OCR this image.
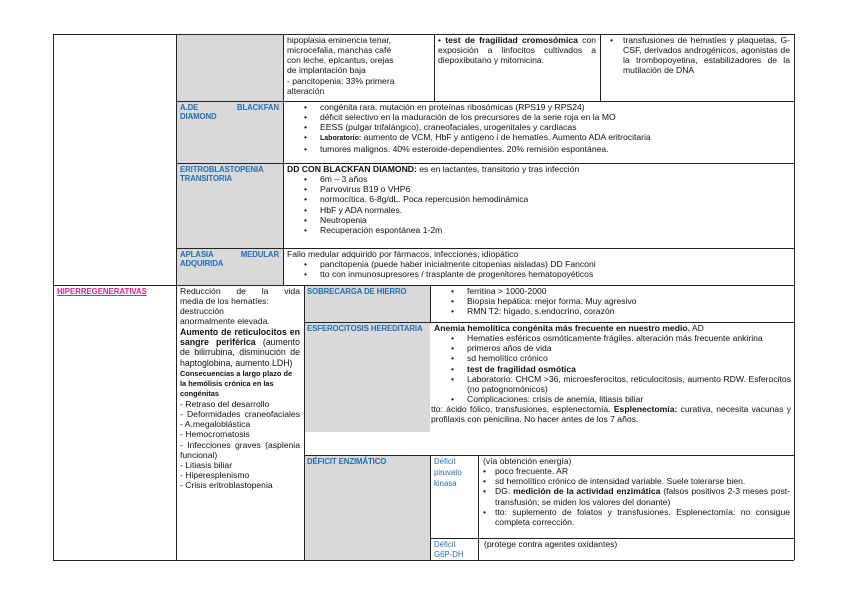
hipoplasia eminencia tenar,
microcefalia, manchas café
con leche, epicantus, orejas
de implantación baja
- pancitopenia: 33% primera
alteración
• test de fragilidad cromosómica con exposición a linfocitos cultivados a diepoxibutano y mitomicina.
• transfusiones de hematíes y plaquetas, G-CSF, derivados androgénicos, agonistas de la trombopoyetina, estabilizadores de la mutilación de DNA
A.DE BLACKFAN DIAMOND
• congénita rara. mutación en proteínas ribosómicas (RPS19 y RPS24)
• déficit selectivo en la maduración de los precursores de la serie roja en la MO
• EESS (pulgar trifalángico), craneofaciales, urogenitales y cardiacas
• Laboratorio: aumento de VCM, HbF y antígeno i de hematíes. Aumento ADA eritrocitaria
• tumores malignos. 40% esteroide-dependientes. 20% remisión espontánea.
ERITROBLASTOPENIA TRANSITORIA
DD CON BLACKFAN DIAMOND: es en lactantes, transitorio y tras infección
• 6m – 3 años
• Parvovirus B19 o VHP6
• normocítica. 6-8g/dL. Poca repercusión hemodinámica
• HbF y ADA normales.
• Neutropenia
• Recuperación espontánea 1-2m
APLASIA MEDULAR ADQUIRIDA
Fallo medular adquirido por fármacos, infecciones, idiopático
• pancitopenia (puede haber inicialmente citopenias aisladas) DD Fanconi
• tto con inmunosupresores / trasplante de progenitores hematopoyéticos
HIPERREGENERATIVAS	Reducción de la vida
media de los hematíes:
destrucción
anormalmente elevada.
Aumento de reticulocitos en sangre periférica (aumento de bilirrubina, disminución de haptoglobina, aumento LDH)
Consecuencias a largo plazo de la hemólisis crónica en las congénitas
- Retraso del desarrollo
- Deformidades craneofaciales
- A.megaloblástica
- Hemocromatosis
- Infecciones graves (asplenia funcional)
- Litiasis biliar
- Hiperesplenismo
- Crisis eritroblastopenia
SOBRECARGA DE HIERRO
•	ferritina > 1000-2000
• Biopsia hepática: mejor forma. Muy agresivo
• RMN T2: hígado, s.endocrino, corazón
ESFEROCITOSIS HEREDITARIA	Anemia hemolítica congénita más frecuente en nuestro medio. AD
• Hematíes esféricos osmóticamente frágiles. alteración más frecuente ankirina
• primeros años de vida
• sd hemolítico crónico
• test de fragilidad osmótica
• Laboratorio: CHCM >36, microesferocitos, reticulocitosis, aumento RDW. Esferocitos (no patognomónicos)
• Complicaciones: crisis de anemia, litiasis biliar
tto: ácido fólico, transfusiones, esplenectomía. Esplenectomía: curativa, necesita vacunas y profilaxis con penicilina. No hacer antes de los 7 años.
DÉFICIT ENZIMÁTICO	Déficit piruvato kinasa
(vía obtención energía)
• poco frecuente. AR
• sd hemolítico crónico de intensidad variable. Suele tolerarse bien.
• DG: medición de la actividad enzimática (falsos positivos 2-3 meses post-transfusión; se miden los valores del donante)
• tto: suplemento de folatos y transfusiones. Esplenectomía: no consigue completa corrección.
Déficit G6P-DH
(protege contra agentes oxidantes)
